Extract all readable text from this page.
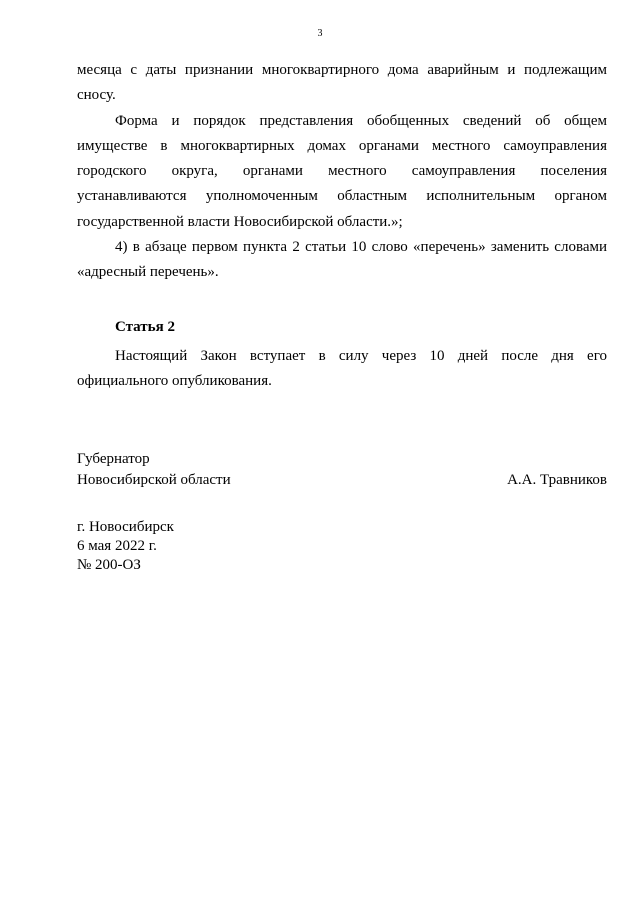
3

месяца с даты признании многоквартирного дома аварийным и подлежащим сносу.

Форма и порядок представления обобщенных сведений об общем имуществе в многоквартирных домах органами местного самоуправления городского округа, органами местного самоуправления поселения устанавливаются уполномоченным областным исполнительным органом государственной власти Новосибирской области.»;

4) в абзаце первом пункта 2 статьи 10 слово «перечень» заменить словами «адресный перечень».

Статья 2

Настоящий Закон вступает в силу через 10 дней после дня его официального опубликования.

Губернатор
Новосибирской области	А.А. Травников
г. Новосибирск
6 мая 2022 г.
№ 200-ОЗ
